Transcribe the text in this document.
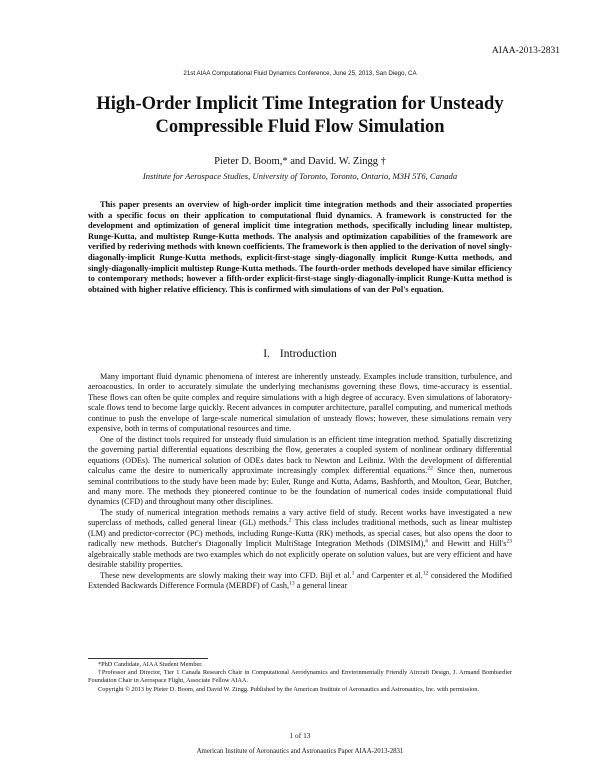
AIAA-2013-2831
21st AIAA Computational Fluid Dynamics Conference, June 25, 2013, San Diego, CA
High-Order Implicit Time Integration for Unsteady
Compressible Fluid Flow Simulation
Pieter D. Boom,* and David. W. Zingg †
Institute for Aerospace Studies, University of Toronto, Toronto, Ontario, M3H 5T6, Canada

This paper presents an overview of high-order implicit time integration methods and their associated properties with a specific focus on their application to computational fluid dynamics. A framework is constructed for the development and optimization of general implicit time integration methods, specifically including linear multistep, Runge-Kutta, and multistep Runge-Kutta methods. The analysis and optimization capabilities of the framework are verified by rederiving methods with known coefficients. The framework is then applied to the derivation of novel singly-diagonally-implicit Runge-Kutta methods, explicit-first-stage singly-diagonally implicit Runge-Kutta methods, and singly-diagonally-implicit multistep Runge-Kutta methods. The fourth-order methods developed have similar efficiency to contemporary methods; however a fifth-order explicit-first-stage singly-diagonally-implicit Runge-Kutta method is obtained with higher relative efficiency. This is confirmed with simulations of van der Pol's equation.

I. Introduction

Many important fluid dynamic phenomena of interest are inherently unsteady. Examples include transition, turbulence, and aeroacoustics. In order to accurately simulate the underlying mechanisms governing these flows, time-accuracy is essential. These flows can often be quite complex and require simulations with a high degree of accuracy. Even simulations of laboratory-scale flows tend to become large quickly. Recent advances in computer architecture, parallel computing, and numerical methods continue to push the envelope of large-scale numerical simulation of unsteady flows; however, these simulations remain very expensive, both in terms of computational resources and time.

One of the distinct tools required for unsteady fluid simulation is an efficient time integration method. Spatially discretizing the governing partial differential equations describing the flow, generates a coupled system of nonlinear ordinary differential equations (ODEs). The numerical solution of ODEs dates back to Newton and Leibniz. With the development of differential calculus came the desire to numerically approximate increasingly complex differential equations.$^{22}$ Since then, numerous seminal contributions to the study have been made by: Euler, Runge and Kutta, Adams, Bashforth, and Moulton, Gear, Butcher, and many more. The methods they pioneered continue to be the foundation of numerical codes inside computational fluid dynamics (CFD) and throughout many other disciplines.

The study of numerical integration methods remains a vary active field of study. Recent works have investigated a new superclass of methods, called general linear (GL) methods.$^2$ This class includes traditional methods, such as linear multistep (LM) and predictor-corrector (PC) methods, including Runge-Kutta (RK) methods, as special cases, but also opens the door to radically new methods. Butcher's Diagonally Implicit MultiStage Integration Methods (DIMSIM),$^6$ and Hewitt and $Hill's^{23}$ algebraically stable methods are two examples which do not explicitly operate on solution values, but are very efficient and have desirable stability properties.

These new developments are slowly making their way into CFD. Bijl et al.$^1$ and Carpenter et al.$^{12}$ considered the Modified Extended Backwards Difference Formula (MEBDF) of Cash,$^{13}$ a general linear

*PhD Candidate, AIAA Student Member.

†Professor and Director, Tier 1 Canada Research Chair in Computational Aerodynamics and Environmentally Friendly Aircraft Design, J. Armand Bombardier Foundation Chair in Aerospace Flight, Associate Fellow AIAA.

Copyright © 2013 by Pieter D. Boom, and David W. Zingg. Published by the American Institute of Aeronautics and Astronautics, Inc. with permission.

1 of 13
American Institute of Aeronautics and Astronautics Paper AIAA-2013-2831
